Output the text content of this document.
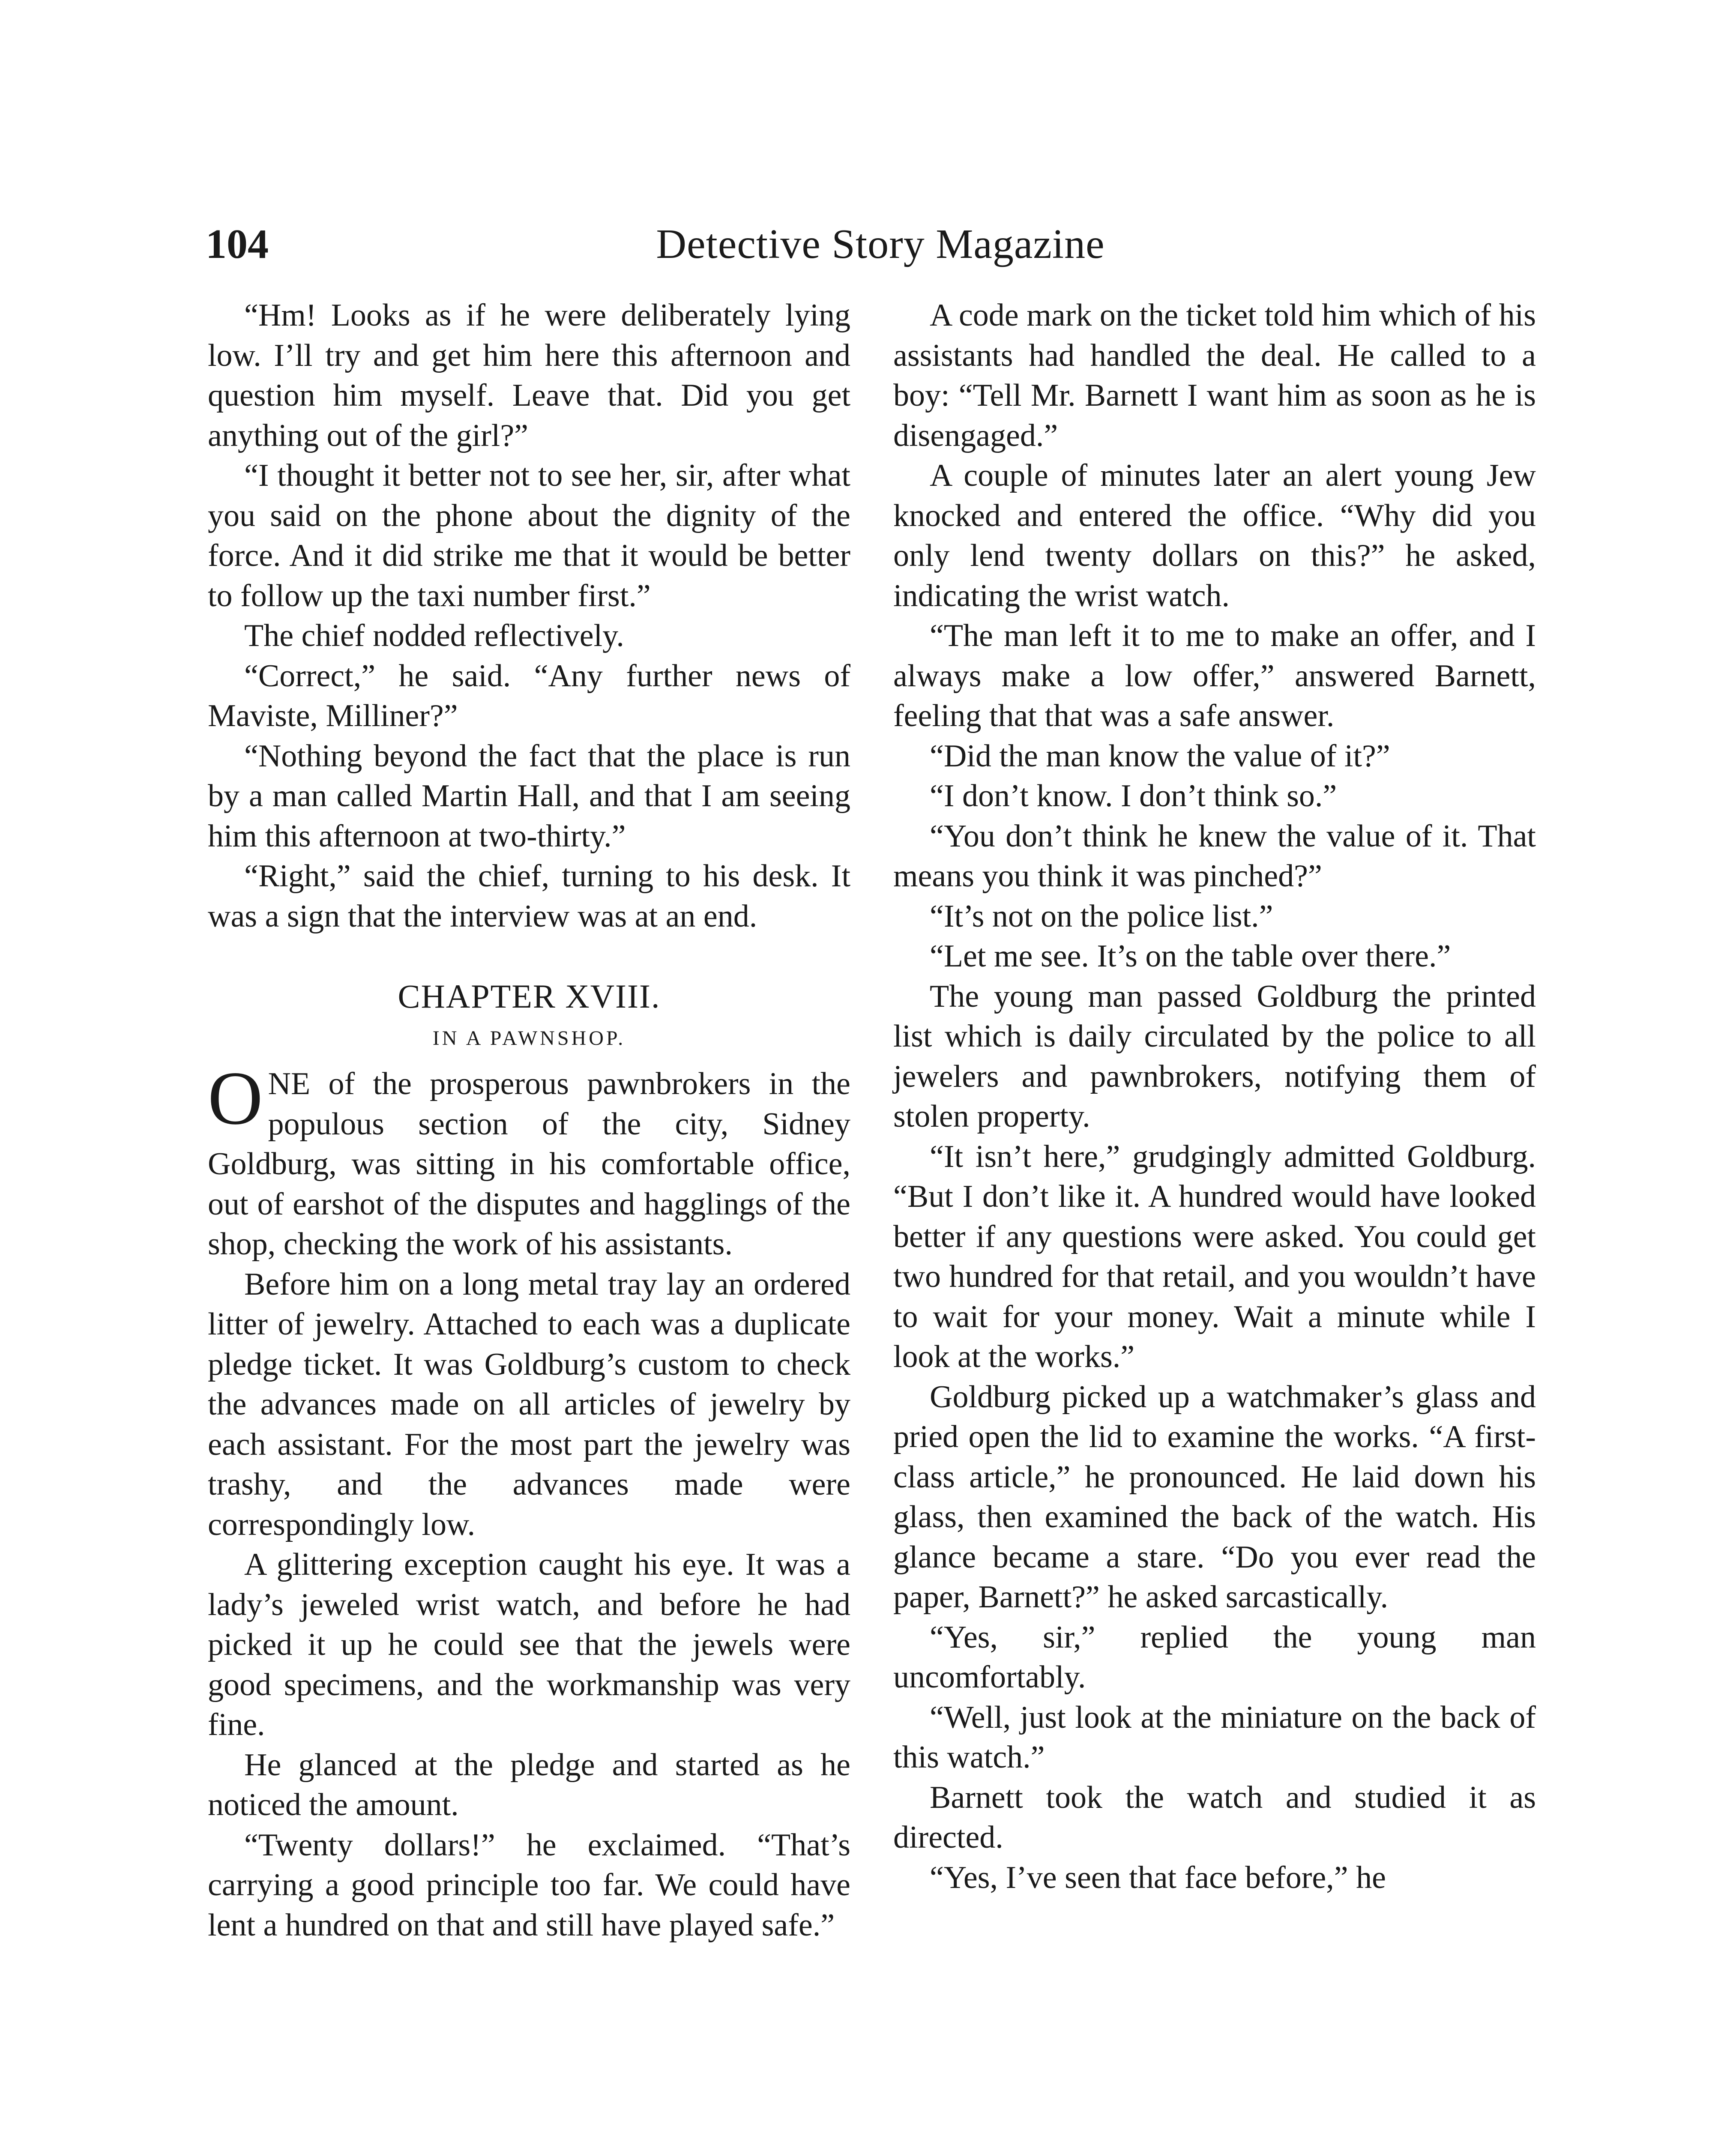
104	Detective Story Magazine

“Hm! Looks as if he were deliberately lying low. I’ll try and get him here this afternoon and question him myself. Leave that. Did you get anything out of the girl?”

“I thought it better not to see her, sir, after what you said on the phone about the dignity of the force. And it did strike me that it would be better to follow up the taxi number first.”

The chief nodded reflectively.

“Correct,” he said. “Any further news of Maviste, Milliner?”

“Nothing beyond the fact that the place is run by a man called Martin Hall, and that I am seeing him this afternoon at two-thirty.”

“Right,” said the chief, turning to his desk. It was a sign that the interview was at an end.

CHAPTER XVIII.
IN A PAWNSHOP.

ONE of the prosperous pawnbrokers in the populous section of the city, Sidney Goldburg, was sitting in his comfortable office, out of earshot of the disputes and hagglings of the shop, checking the work of his assistants.

Before him on a long metal tray lay an ordered litter of jewelry. Attached to each was a duplicate pledge ticket. It was Goldburg’s custom to check the advances made on all articles of jewelry by each assistant. For the most part the jewelry was trashy, and the advances made were correspondingly low.

A glittering exception caught his eye. It was a lady’s jeweled wrist watch, and before he had picked it up he could see that the jewels were good specimens, and the workmanship was very fine.

He glanced at the pledge and started as he noticed the amount.

“Twenty dollars!” he exclaimed. “That’s carrying a good principle too far. We could have lent a hundred on that and still have played safe.”

A code mark on the ticket told him which of his assistants had handled the deal. He called to a boy: “Tell Mr. Barnett I want him as soon as he is disengaged.”

A couple of minutes later an alert young Jew knocked and entered the office. “Why did you only lend twenty dollars on this?” he asked, indicating the wrist watch.

“The man left it to me to make an offer, and I always make a low offer,” answered Barnett, feeling that that was a safe answer.

“Did the man know the value of it?”

“I don’t know. I don’t think so.”

“You don’t think he knew the value of it. That means you think it was pinched?”

“It’s not on the police list.”

“Let me see. It’s on the table over there.”

The young man passed Goldburg the printed list which is daily circulated by the police to all jewelers and pawnbrokers, notifying them of stolen property.

“It isn’t here,” grudgingly admitted Goldburg. “But I don’t like it. A hundred would have looked better if any questions were asked. You could get two hundred for that retail, and you wouldn’t have to wait for your money. Wait a minute while I look at the works.”

Goldburg picked up a watchmaker’s glass and pried open the lid to examine the works. “A first-class article,” he pronounced. He laid down his glass, then examined the back of the watch. His glance became a stare. “Do you ever read the paper, Barnett?” he asked sarcastically.

“Yes, sir,” replied the young man uncomfortably.

“Well, just look at the miniature on the back of this watch.”

Barnett took the watch and studied it as directed.

“Yes, I’ve seen that face before,” he
